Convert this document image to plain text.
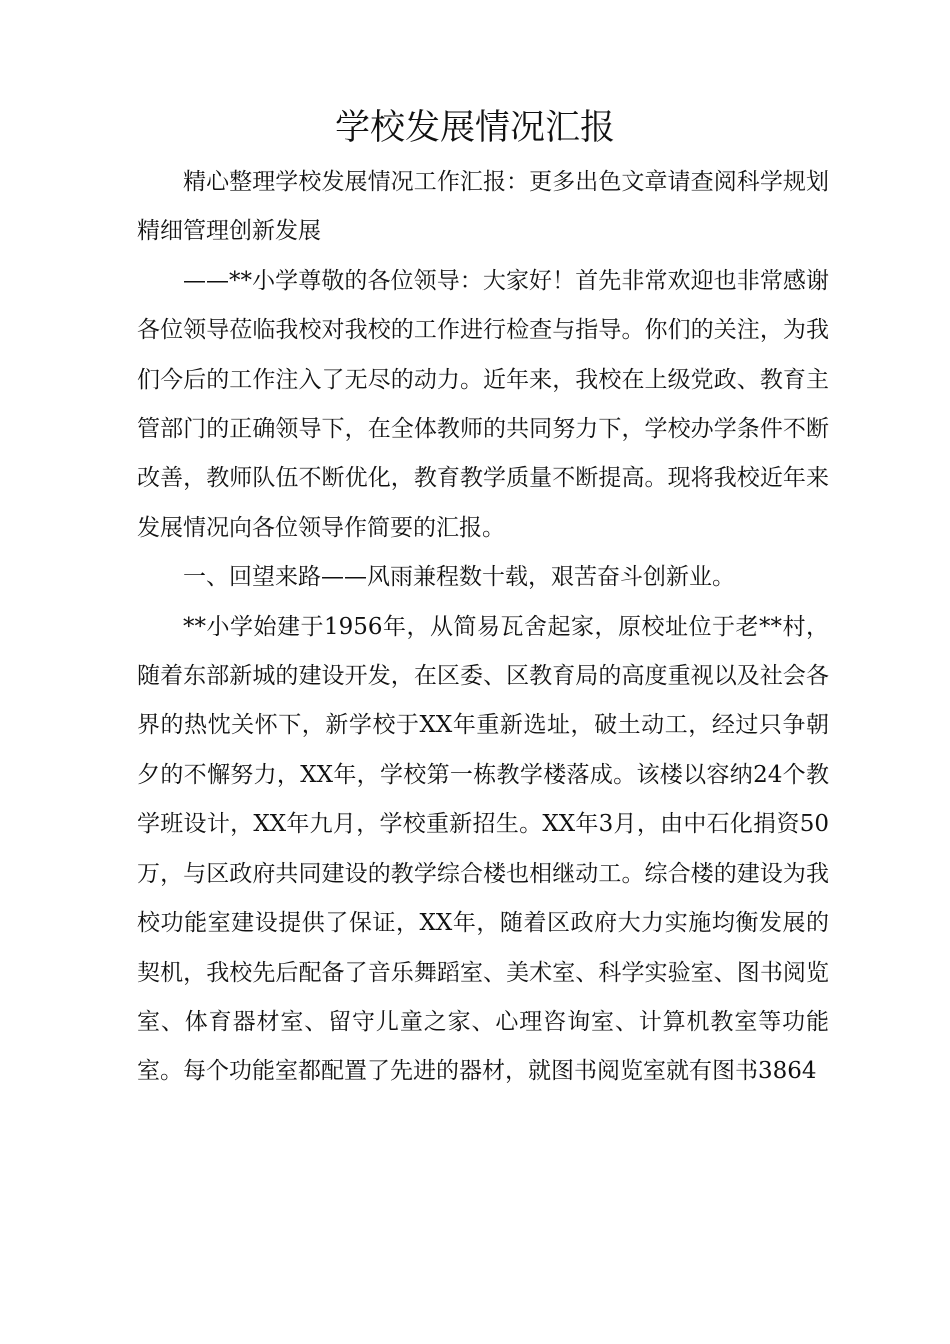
学校发展情况汇报

精心整理学校发展情况工作汇报：更多出色文章请查阅科学规划精细管理创新发展

——**小学尊敬的各位领导：大家好！首先非常欢迎也非常感谢各位领导莅临我校对我校的工作进行检查与指导。你们的关注，为我们今后的工作注入了无尽的动力。近年来，我校在上级党政、教育主管部门的正确领导下，在全体教师的共同努力下，学校办学条件不断改善，教师队伍不断优化，教育教学质量不断提高。现将我校近年来发展情况向各位领导作简要的汇报。

一、回望来路——风雨兼程数十载，艰苦奋斗创新业。

**小学始建于1956年，从简易瓦舍起家，原校址位于老**村，随着东部新城的建设开发，在区委、区教育局的高度重视以及社会各界的热忱关怀下，新学校于XX年重新选址，破土动工，经过只争朝夕的不懈努力，XX年，学校第一栋教学楼落成。该楼以容纳24个教学班设计，XX年九月，学校重新招生。XX年3月，由中石化捐资50万，与区政府共同建设的教学综合楼也相继动工。综合楼的建设为我校功能室建设提供了保证，XX年，随着区政府大力实施均衡发展的契机，我校先后配备了音乐舞蹈室、美术室、科学实验室、图书阅览室、体育器材室、留守儿童之家、心理咨询室、计算机教室等功能室。每个功能室都配置了先进的器材，就图书阅览室就有图书3864
